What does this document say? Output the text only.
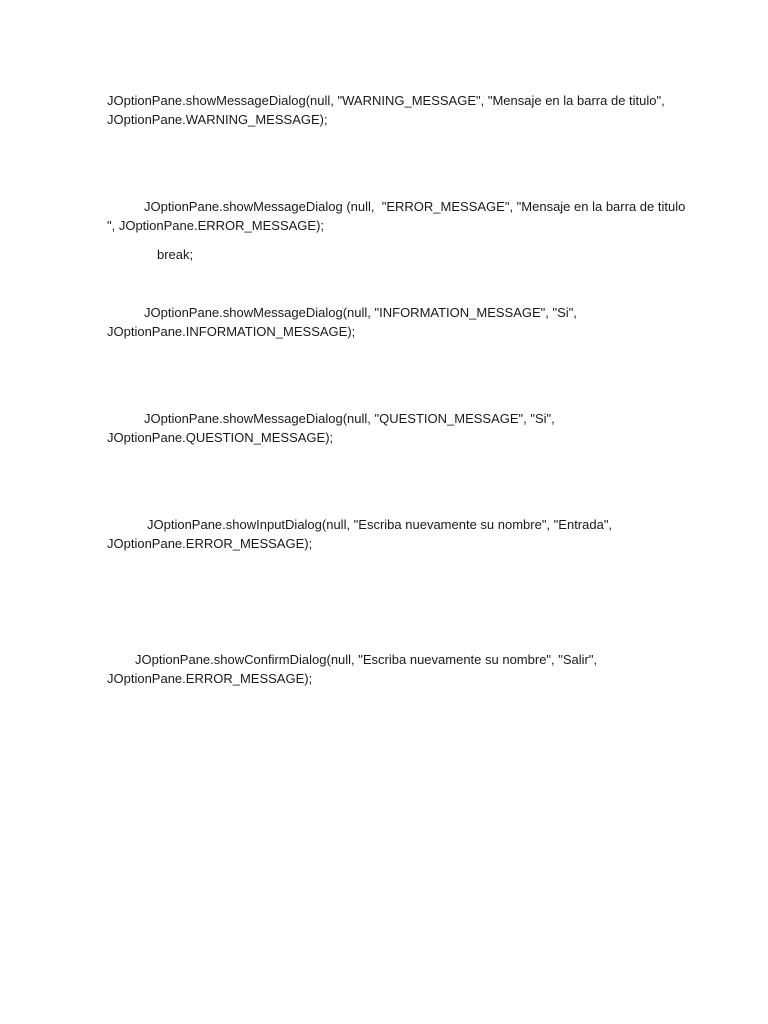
JOptionPane.showMessageDialog(null, "WARNING_MESSAGE", "Mensaje en la barra de titulo",
JOptionPane.WARNING_MESSAGE);
JOptionPane.showMessageDialog (null,  "ERROR_MESSAGE", "Mensaje en la barra de titulo
", JOptionPane.ERROR_MESSAGE);
break;
JOptionPane.showMessageDialog(null, "INFORMATION_MESSAGE", "Si",
JOptionPane.INFORMATION_MESSAGE);
JOptionPane.showMessageDialog(null, "QUESTION_MESSAGE", "Si",
JOptionPane.QUESTION_MESSAGE);
JOptionPane.showInputDialog(null, "Escriba nuevamente su nombre", "Entrada",
JOptionPane.ERROR_MESSAGE);
JOptionPane.showConfirmDialog(null, "Escriba nuevamente su nombre", "Salir",
JOptionPane.ERROR_MESSAGE);
